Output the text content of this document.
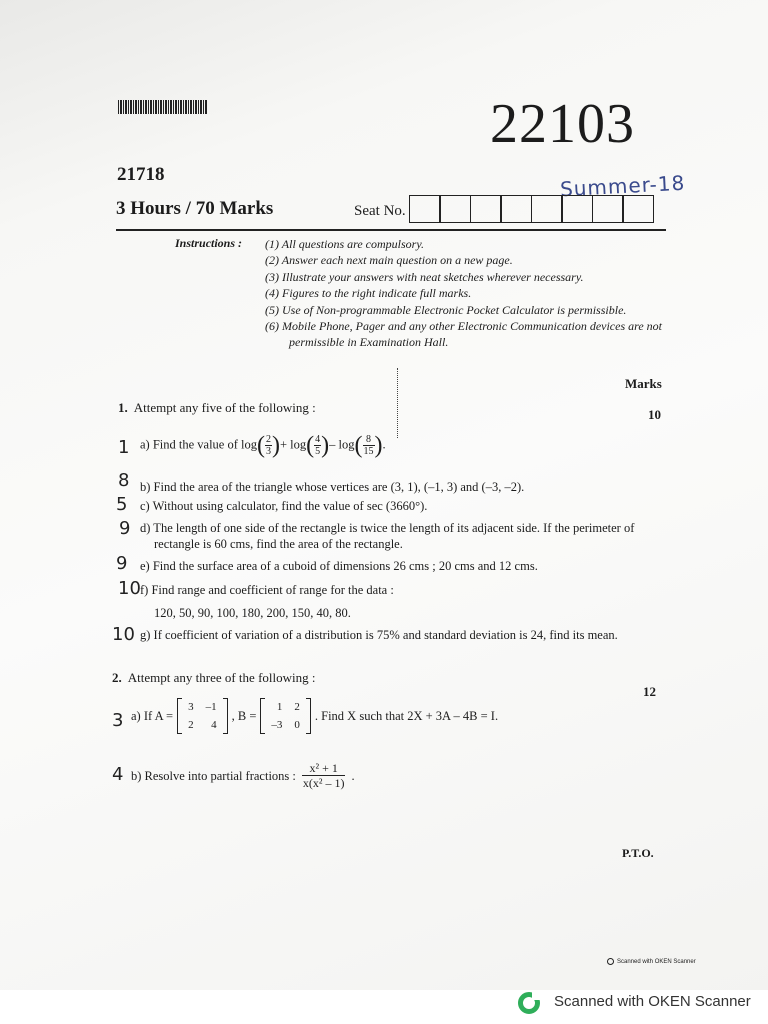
22103
21718	Summer-18
3 Hours / 70 Marks	Seat No.
Instructions : (1) All questions are compulsory.
(2) Answer each next main question on a new page.
(3) Illustrate your answers with neat sketches wherever necessary.
(4) Figures to the right indicate full marks.
(5) Use of Non-programmable Electronic Pocket Calculator is permissible.
(6) Mobile Phone, Pager and any other Electronic Communication devices are not permissible in Examination Hall.
Marks
1. Attempt any five of the following :	10
1 a) Find the value of $\log( \frac{2}{3}$ )+ $\log( \frac{4}{5}$ )– $\log( \frac{8}{15}$ ).
8 b) Find the area of the triangle whose vertices are (3, 1), (–1, 3) and (–3, –2).
5 c) Without using calculator, find the value of sec (3660°).
9 d) The length of one side of the rectangle is twice the length of its adjacent side. If the perimeter of rectangle is 60 cms, find the area of the rectangle.
9 e) Find the surface area of a cuboid of dimensions 26 cms ; 20 cms and 12 cms.
10 f) Find range and coefficient of range for the data :
120, 50, 90, 100, 180, 200, 150, 40, 80.
10 g) If coefficient of variation of a distribution is 75% and standard deviation is 24, find its mean.
2. Attempt any three of the following :
12
3 a) If A =
3	–1
2	4
, B =
1	2
–3	0
. Find X such that 2X + 3A – 4B = I.
4 b) Resolve into partial fractions : $\frac{\text{x² + 1}}{\text{x(x² – 1)}}$ .
P.T.O.
Scanned with OKEN Scanner
Scanned with OKEN Scanner
